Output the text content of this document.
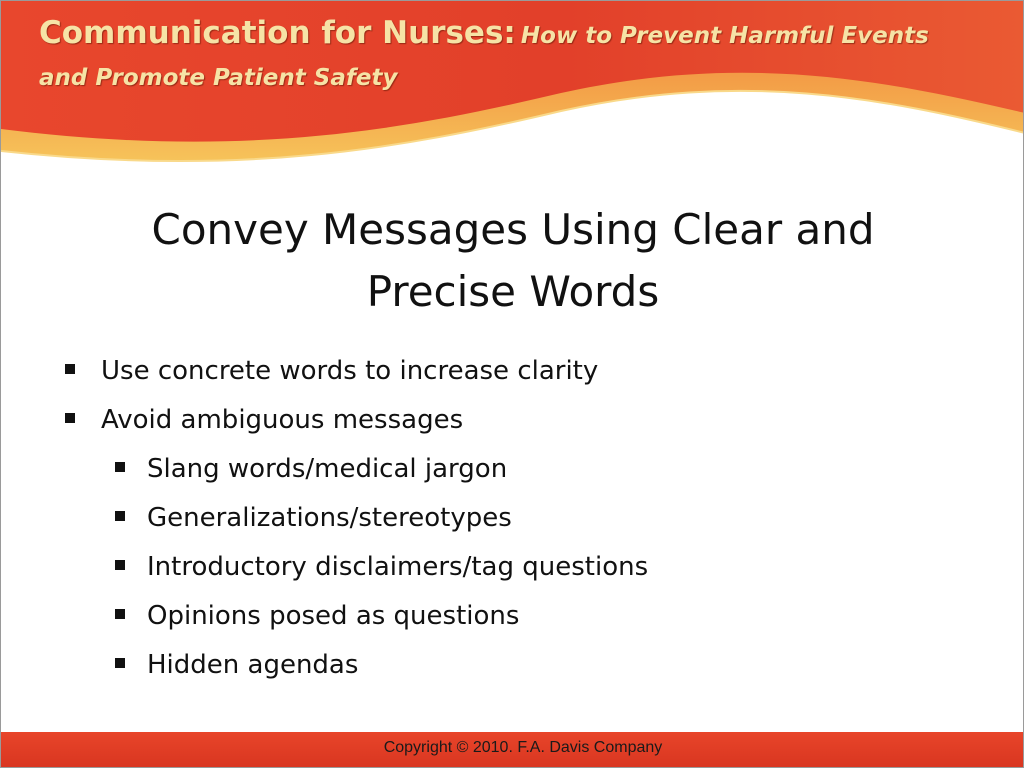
Communication for Nurses: How to Prevent Harmful Events
and Promote Patient Safety
Convey Messages Using Clear and
Precise Words
Use concrete words to increase clarity
Avoid ambiguous messages
Slang words/medical jargon
Generalizations/stereotypes
Introductory disclaimers/tag questions
Opinions posed as questions
Hidden agendas
Copyright © 2010. F.A. Davis Company
